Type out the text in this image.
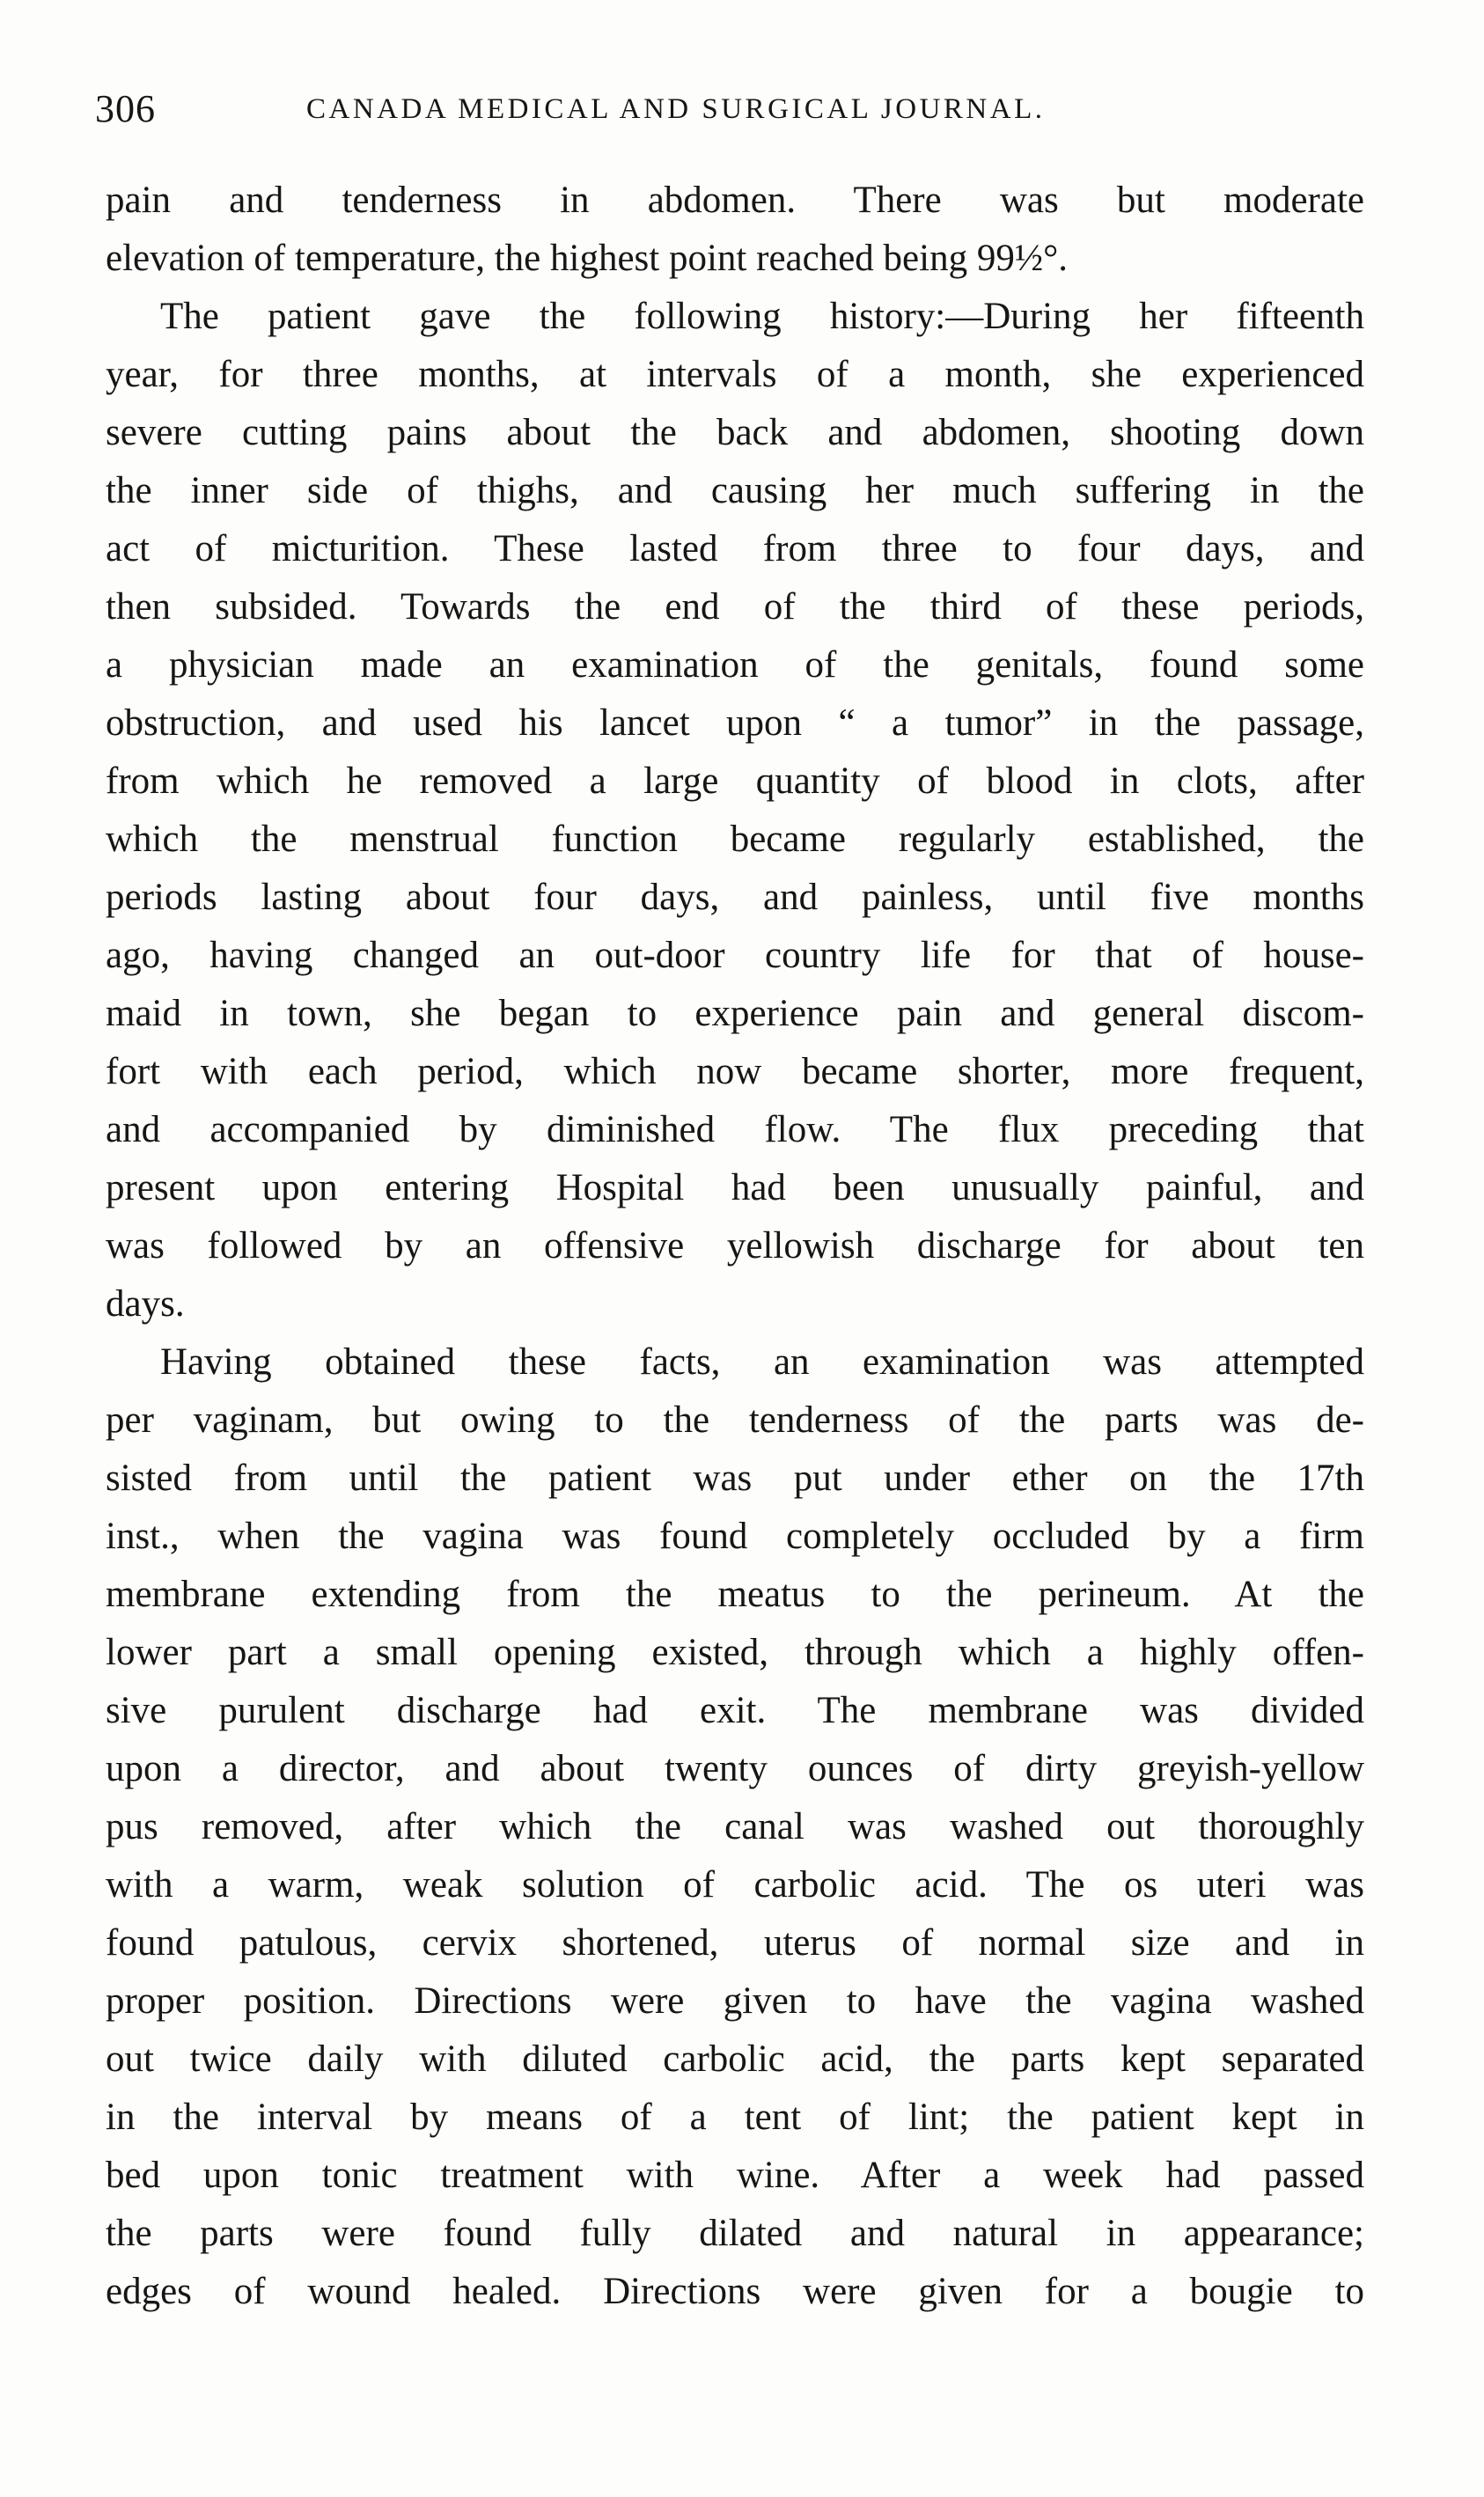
306	CANADA MEDICAL AND SURGICAL JOURNAL.
pain and tenderness in abdomen. There was but moderate
elevation of temperature, the highest point reached being 99½°.
The patient gave the following history:—During her fifteenth
year, for three months, at intervals of a month, she experienced
severe cutting pains about the back and abdomen, shooting down
the inner side of thighs, and causing her much suffering in the
act of micturition. These lasted from three to four days, and
then subsided. Towards the end of the third of these periods,
a physician made an examination of the genitals, found some
obstruction, and used his lancet upon “ a tumor” in the passage,
from which he removed a large quantity of blood in clots, after
which the menstrual function became regularly established, the
periods lasting about four days, and painless, until five months
ago, having changed an out-door country life for that of house-
maid in town, she began to experience pain and general discom-
fort with each period, which now became shorter, more frequent,
and accompanied by diminished flow. The flux preceding that
present upon entering Hospital had been unusually painful, and
was followed by an offensive yellowish discharge for about ten
days.
Having obtained these facts, an examination was attempted
per vaginam, but owing to the tenderness of the parts was de-
sisted from until the patient was put under ether on the 17th
inst., when the vagina was found completely occluded by a firm
membrane extending from the meatus to the perineum. At the
lower part a small opening existed, through which a highly offen-
sive purulent discharge had exit. The membrane was divided
upon a director, and about twenty ounces of dirty greyish-yellow
pus removed, after which the canal was washed out thoroughly
with a warm, weak solution of carbolic acid. The os uteri was
found patulous, cervix shortened, uterus of normal size and in
proper position. Directions were given to have the vagina washed
out twice daily with diluted carbolic acid, the parts kept separated
in the interval by means of a tent of lint; the patient kept in
bed upon tonic treatment with wine. After a week had passed
the parts were found fully dilated and natural in appearance;
edges of wound healed. Directions were given for a bougie to
